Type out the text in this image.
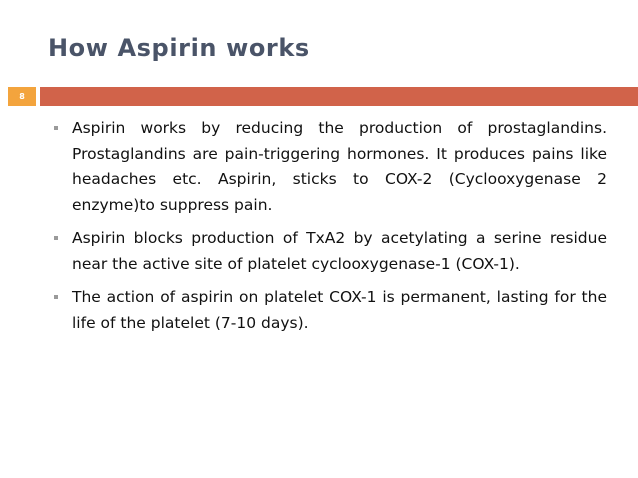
How Aspirin works
8
Aspirin works by reducing the production of prostaglandins. Prostaglandins are pain-triggering hormones. It produces pains like headaches etc. Aspirin, sticks to COX-2 (Cyclooxygenase 2 enzyme)to suppress pain.
Aspirin blocks production of TxA2 by acetylating a serine residue near the active site of platelet cyclooxygenase-1 (COX-1).
The action of aspirin on platelet COX-1 is permanent, lasting for the life of the platelet (7-10 days).
